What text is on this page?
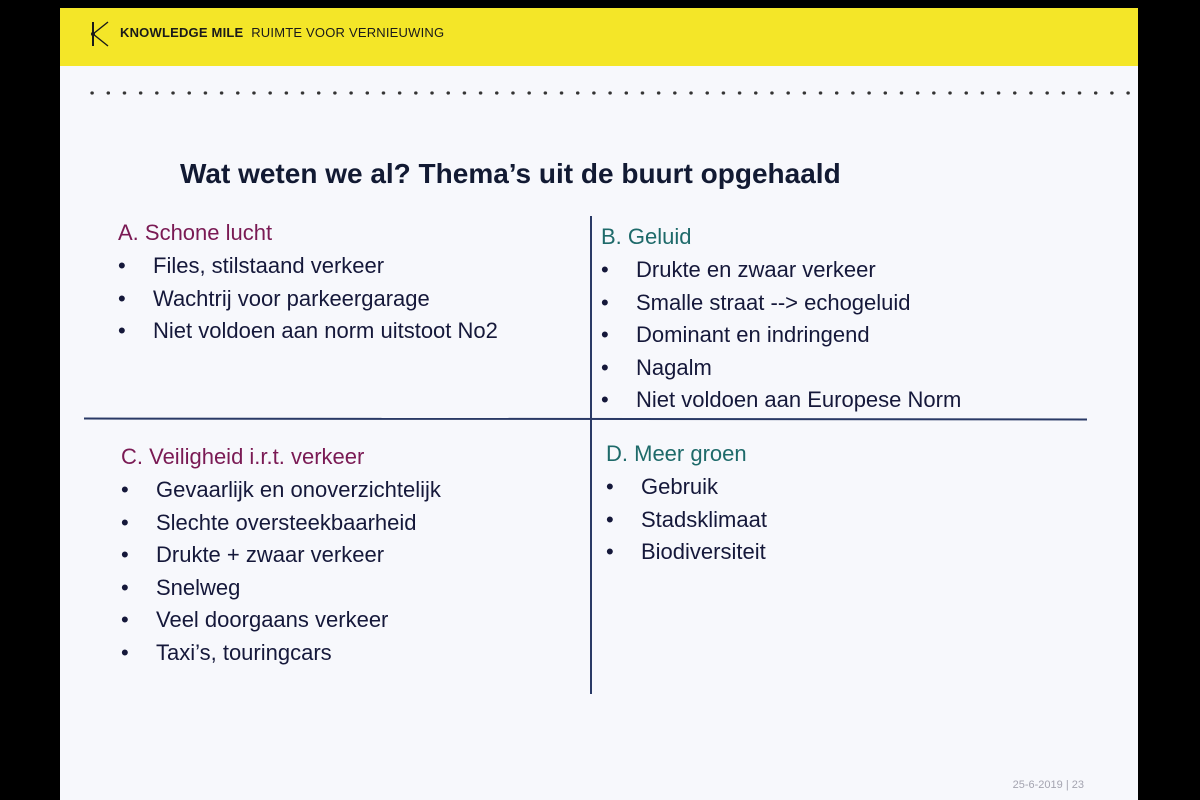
KNOWLEDGE MILE RUIMTE VOOR VERNIEUWING
Wat weten we al? Thema’s uit de buurt opgehaald
A. Schone lucht
• Files, stilstaand verkeer
• Wachtrij voor parkeergarage
• Niet voldoen aan norm uitstoot No2
B. Geluid
• Drukte en zwaar verkeer
• Smalle straat --> echogeluid
• Dominant en indringend
• Nagalm
• Niet voldoen aan Europese Norm
C. Veiligheid i.r.t. verkeer
• Gevaarlijk en onoverzichtelijk
• Slechte oversteekbaarheid
• Drukte + zwaar verkeer
• Snelweg
• Veel doorgaans verkeer
• Taxi’s, touringcars
D. Meer groen
• Gebruik
• Stadsklimaat
• Biodiversiteit
25-6-2019 | 23
